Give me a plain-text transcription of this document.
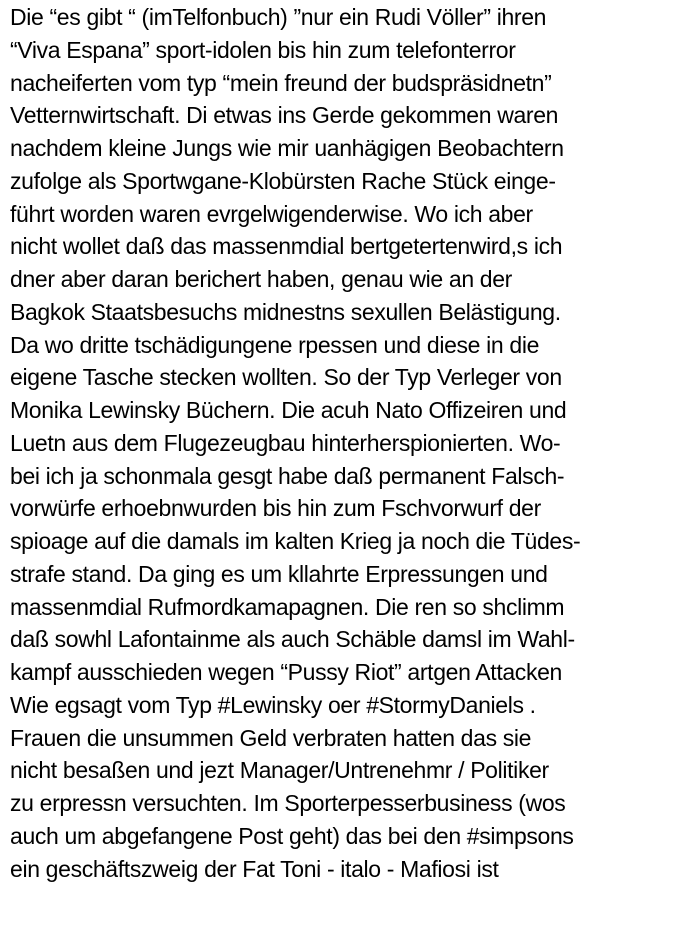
Die “es gibt “ (imTelfonbuch) ”nur ein Rudi Völler” ihren
“Viva Espana” sport-idolen bis hin zum telefonterror
nacheiferten vom typ “mein freund der budspräsidnetn”
Vetternwirtschaft. Di etwas ins Gerde gekommen waren
nachdem kleine Jungs wie mir uanhägigen Beobachtern
zufolge als Sportwgane-Klobürsten Rache Stück einge-
führt worden waren evrgelwigenderwise. Wo ich aber
nicht wollet daß das massenmdial bertgetertenwird,s ich
dner aber daran berichert haben, genau wie an der
Bagkok Staatsbesuchs midnestns sexullen Belästigung.
Da wo dritte tschädigungene rpessen und diese in die
eigene Tasche stecken wollten. So der Typ Verleger von
Monika Lewinsky Büchern. Die acuh Nato Offizeiren und
Luetn aus dem Flugezeugbau hinterherspionierten. Wo-
bei ich ja schonmala gesgt habe daß permanent Falsch-
vorwürfe erhoebnwurden bis hin zum Fschvorwurf der
spioage auf die damals im kalten Krieg ja noch die Tüdes-
strafe stand. Da ging es um kllahrte Erpressungen und
massenmdial Rufmordkamapagnen. Die ren so shclimm
daß sowhl Lafontainme als auch Schäble damsl im Wahl-
kampf ausschieden wegen “Pussy Riot” artgen Attacken
Wie egsagt vom Typ #Lewinsky oer #StormyDaniels .
Frauen die unsummen Geld verbraten hatten das sie
nicht besaßen und jezt Manager/Untrenehmr / Politiker
zu erpressn versuchten. Im Sporterpesserbusiness (wos
auch um abgefangene Post geht) das bei den #simpsons
ein geschäftszweig der Fat Toni - italo - Mafiosi ist
